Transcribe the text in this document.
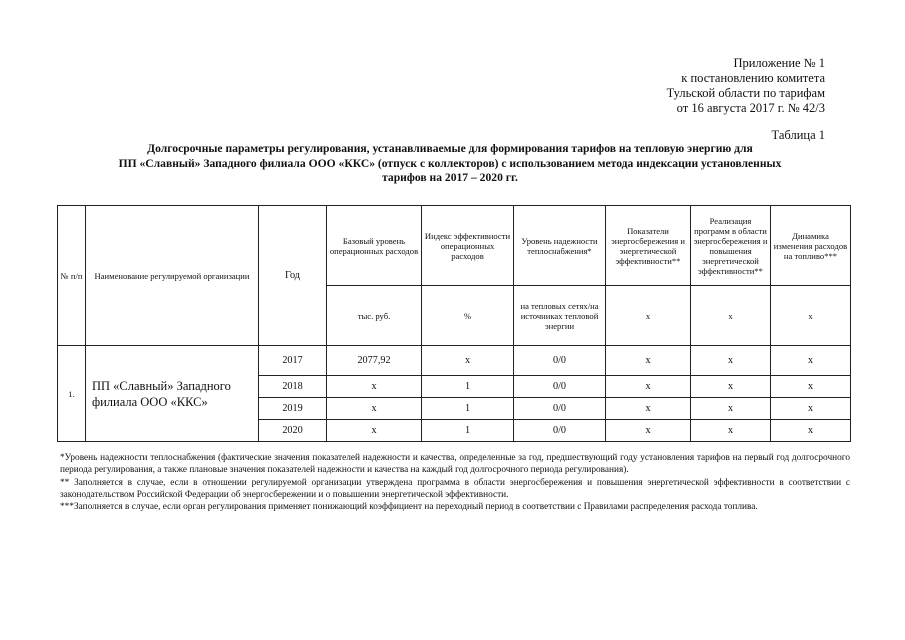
Приложение № 1
к постановлению комитета
Тульской области по тарифам
от 16 августа 2017 г. № 42/3
Таблица 1
Долгосрочные параметры регулирования, устанавливаемые для формирования тарифов на тепловую энергию для
ПП «Славный» Западного филиала ООО «ККС» (отпуск с коллекторов) с использованием метода индексации установленных
тарифов на 2017 – 2020 гг.
№ п/п	Наименование регулируемой организации	Год	Базовый уровень операционных расходов	Индекс эффективности операционных расходов	Уровень надежности теплоснабжения*	Показатели энергосбережения и энергетической эффективности**	Реализация программ в области энергосбережения и повышения энергетической эффективности**	Динамика изменения расходов на топливо***
			тыс. руб.	%	на тепловых сетях/на источниках тепловой энергии	х	х	х
1.	ПП «Славный» Западного филиала ООО «ККС»	2017	2077,92	х	0/0	х	х	х
		2018	х	1	0/0	х	х	х
		2019	х	1	0/0	х	х	х
		2020	х	1	0/0	х	х	х

*Уровень надежности теплоснабжения (фактические значения показателей надежности и качества, определенные за год, предшествующий году установления тарифов на первый год долгосрочного периода регулирования, а также плановые значения показателей надежности и качества на каждый год долгосрочного периода регулирования).

** Заполняется в случае, если в отношении регулируемой организации утверждена программа в области энергосбережения и повышения энергетической эффективности в соответствии с законодательством Российской Федерации об энергосбережении и о повышении энергетической эффективности.

***Заполняется в случае, если орган регулирования применяет понижающий коэффициент на переходный период в соответствии с Правилами распределения расхода топлива.
